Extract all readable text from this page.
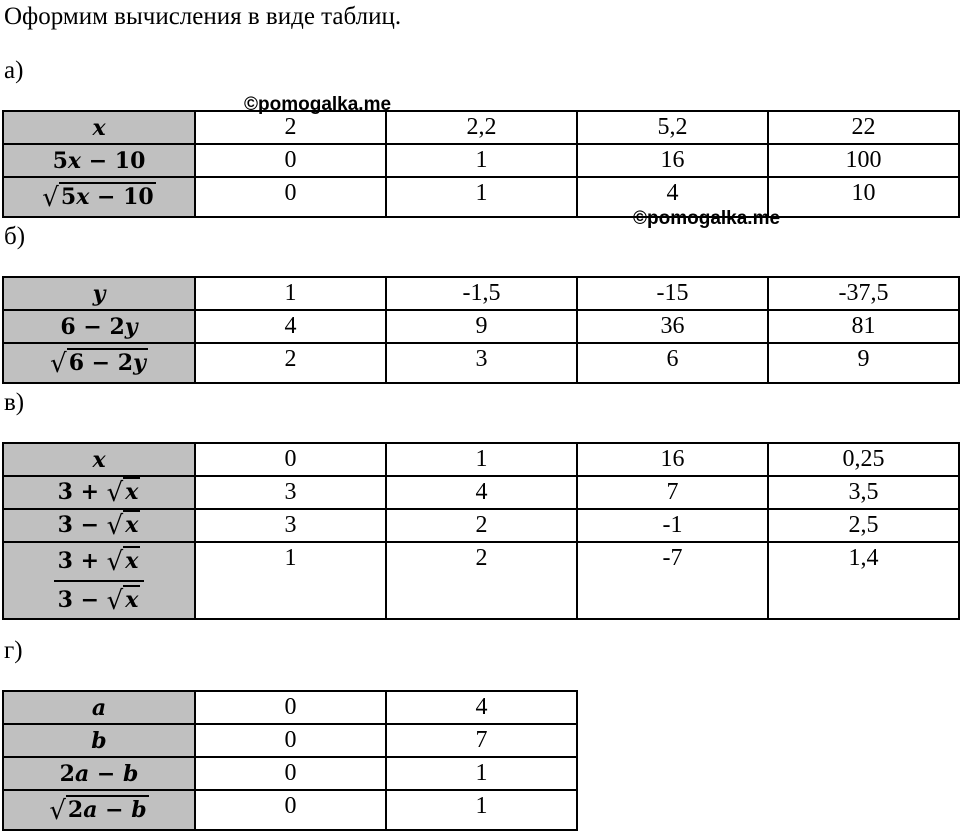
Оформим вычисления в виде таблиц.
а)
©pomogalka.me
x	2	2,2	5,2	22
5x − 10	0	1	16	100
√5x − 10	0	1	4	10
©pomogalka.me
б)
y	1	-1,5	-15	-37,5
6 − 2y	4	9	36	81
√6 − 2y	2	3	6	9
в)
x	0	1	16	0,25
3 + √x	3	4	7	3,5
3 − √x	3	2	-1	2,5

$\frac{3 + √x}{3 - √x}$	1	2	-7	1,4
г)
a	0	4
b	0	7
2a − b	0	1
√2a − b	0	1
